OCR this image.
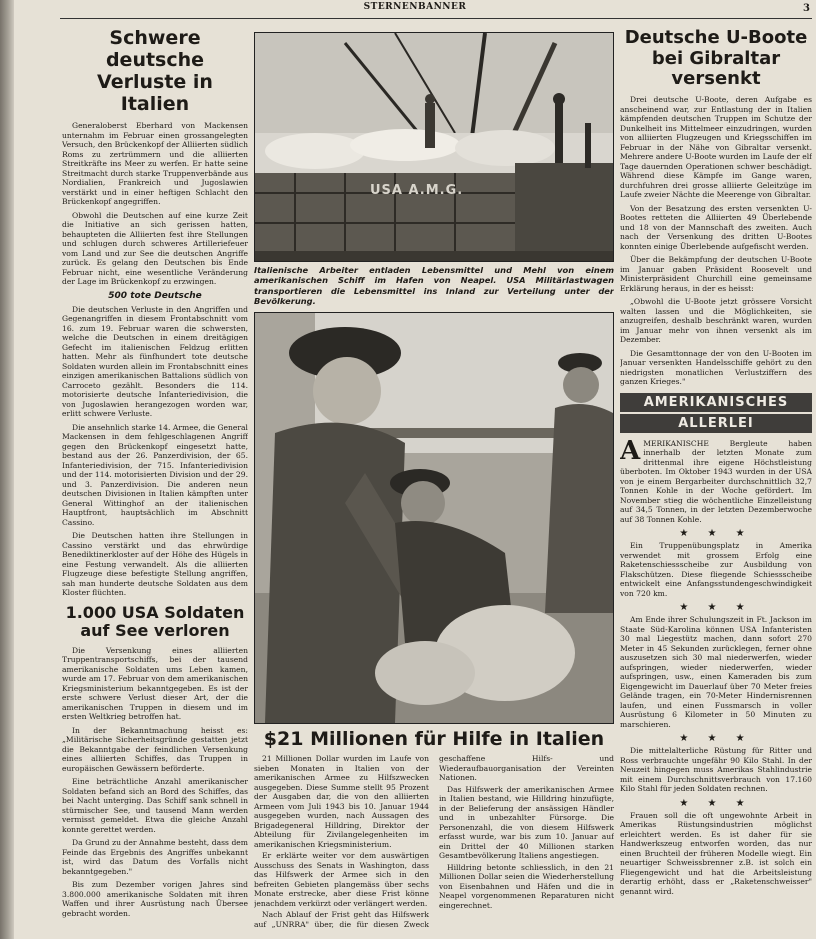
STERNENBANNER	3
Schwere deutsche Verluste in Italien

Generaloberst Eberhard von Mackensen unternahm im Februar einen grossangelegten Versuch, den Brückenkopf der Alliierten südlich Roms zu zertrümmern und die alliierten Streitkräfte ins Meer zu werfen. Er hatte seine Streitmacht durch starke Truppenverbände aus Nordialien, Frankreich und Jugoslawien verstärkt und in einer heftigen Schlacht den Brückenkopf angegriffen.

Obwohl die Deutschen auf eine kurze Zeit die Initiative an sich gerissen hatten, behaupteten die Alliierten fest ihre Stellungen und schlugen durch schweres Artilleriefeuer vom Land und zur See die deutschen Angriffe zurück. Es gelang den Deutschen bis Ende Februar nicht, eine wesentliche Veränderung der Lage im Brückenkopf zu erzwingen.

500 tote Deutsche

Die deutschen Verluste in den Angriffen und Gegenangriffen in diesem Frontabschnitt vom 16. zum 19. Februar waren die schwersten, welche die Deutschen in einem dreitägigen Gefecht im italienischen Feldzug erlitten hatten. Mehr als fünfhundert tote deutsche Soldaten wurden allein im Frontabschnitt eines einzigen amerikanischen Battalions südlich von Carroceto gezählt. Besonders die 114. motorisierte deutsche Infanteriedivision, die von Jugoslawien herangezogen worden war, erlitt schwere Verluste.

Die ansehnlich starke 14. Armee, die General Mackensen in dem fehlgeschlagenen Angriff gegen den Brückenkopf eingesetzt hatte, bestand aus der 26. Panzerdivision, der 65. Infanteriedivision, der 715. Infanteriedivision und der 114. motorisierten Division und der 29. und 3. Panzerdivision. Die anderen neun deutschen Divisionen in Italien kämpften unter General Wittinghof an der italienischen Hauptfront, hauptsächlich im Abschnitt Cassino.

Die Deutschen hatten ihre Stellungen in Cassino verstärkt und das ehrwürdige Benediktinerkloster auf der Höhe des Hügels in eine Festung verwandelt. Als die alliierten Flugzeuge diese befestigte Stellung angriffen, sah man hunderte deutsche Soldaten aus dem Kloster flüchten.

1.000 USA Soldaten auf See verloren

Die Versenkung eines alliierten Truppentransportschiffs, bei der tausend amerikanische Soldaten ums Leben kamen, wurde am 17. Februar von dem amerikanischen Kriegsministerium bekanntgegeben. Es ist der erste schwere Verlust dieser Art, der die amerikanischen Truppen in diesem und im ersten Weltkrieg betroffen hat.

In der Bekanntmachung heisst es: „Militärische Sicherheitsgründe gestatten jetzt die Bekanntgabe der feindlichen Versenkung eines alliierten Schiffes, das Truppen in europäischen Gewässern beförderte.

Eine beträchtliche Anzahl amerikanischer Soldaten befand sich an Bord des Schiffes, das bei Nacht unterging. Das Schiff sank schnell in stürmischer See, und tausend Mann werden vermisst gemeldet. Etwa die gleiche Anzahl konnte gerettet werden.

Da Grund zu der Annahme besteht, dass dem Feinde das Ergebnis des Angriffes unbekannt ist, wird das Datum des Vorfalls nicht bekanntgegeben."

Bis zum Dezember vorigen Jahres sind 3.800.000 amerikanische Soldaten mit ihren Waffen und ihrer Ausrüstung nach Übersee gebracht worden.

USA A.M.G.

Italienische Arbeiter entladen Lebensmittel und Mehl von einem amerikanischen Schiff im Hafen von Neapel. USA Militärlastwagen transportieren die Lebensmittel ins Inland zur Verteilung unter der Bevölkerung.

$21 Millionen für Hilfe in Italien

21 Millionen Dollar wurden im Laufe von sieben Monaten in Italien von der amerikanischen Armee zu Hilfszwecken ausgegeben. Diese Summe stellt 95 Prozent der Ausgaben dar, die von den alliierten Armeen vom Juli 1943 bis 10. Januar 1944 ausgegeben wurden, nach Aussagen des Brigadegeneral Hilldring, Direktor der Abteilung für Zivilangelegenheiten im amerikanischen Kriegsministerium.

Er erklärte weiter vor dem auswärtigen Ausschuss des Senats in Washington, dass das Hilfswerk der Armee sich in den befreiten Gebieten plangemäss über sechs Monate erstrecke, aber diese Frist könne jenachdem verkürzt oder verlängert werden.

Nach Ablauf der Frist geht das Hilfswerk auf „UNRRA" über, die für diesen Zweck geschaffene Hilfs- und Wiederaufbauorganisation der Vereinten Nationen.

Das Hilfswerk der amerikanischen Armee in Italien bestand, wie Hilldring hinzufügte, in der Belieferung der ansässigen Händler und in unbezahlter Fürsorge. Die Personenzahl, die von diesem Hilfswerk erfasst wurde, war bis zum 10. Januar auf ein Drittel der 40 Millionen starken Gesamtbevölkerung Italiens angestiegen.

Hilldring betonte schliesslich, in den 21 Millionen Dollar seien die Wiederherstellung von Eisenbahnen und Häfen und die in Neapel vorgenommenen Reparaturen nicht eingerechnet.

Deutsche U-Boote bei Gibraltar versenkt

Drei deutsche U-Boote, deren Aufgabe es anscheinend war, zur Entlastung der in Italien kämpfenden deutschen Truppen im Schutze der Dunkelheit ins Mittelmeer einzudringen, wurden von alliierten Flugzeugen und Kriegsschiffen im Februar in der Nähe von Gibraltar versenkt. Mehrere andere U-Boote wurden im Laufe der elf Tage dauernden Operationen schwer beschädigt. Während diese Kämpfe im Gange waren, durchfuhren drei grosse alliierte Geleitzüge im Laufe zweier Nächte die Meerenge von Gibraltar.

Von der Besatzung des ersten versenkten U-Bootes retteten die Alliierten 49 Überlebende und 18 von der Mannschaft des zweiten. Auch nach der Versenkung des dritten U-Bootes konnten einige Überlebende aufgefischt werden.

Über die Bekämpfung der deutschen U-Boote im Januar gaben Präsident Roosevelt und Ministerpräsident Churchill eine gemeinsame Erklärung heraus, in der es heisst:

„Obwohl die U-Boote jetzt grössere Vorsicht walten lassen und die Möglichkeiten, sie anzugreifen, deshalb beschränkt waren, wurden im Januar mehr von ihnen versenkt als im Dezember.

Die Gesamttonnage der von den U-Booten im Januar versenkten Handelsschiffe gehört zu den niedrigsten monatlichen Verlustziffern des ganzen Krieges."

AMERIKANISCHES
ALLERLEI

AMERIKANISCHE Bergleute haben innerhalb der letzten Monate zum drittenmal ihre eigene Höchstleistung überboten. Im Oktober 1943 wurden in der USA von je einem Bergarbeiter durchschnittlich 32,7 Tonnen Kohle in der Woche gefördert. Im November stieg die wöchentliche Einzelleistung auf 34,5 Tonnen, in der letzten Dezemberwoche auf 38 Tonnen Kohle.

★ ★ ★

Ein Truppenübungsplatz in Amerika verwendet mit grossem Erfolg eine Raketenschiessscheibe zur Ausbildung von Flakschützen. Diese fliegende Schiessscheibe entwickelt eine Anfangsstundengeschwindigkeit von 720 km.

★ ★ ★

Am Ende ihrer Schulungszeit in Ft. Jackson im Staate Süd-Karolina können USA Infanteristen 30 mal Liegestütz machen, dann sofort 270 Meter in 45 Sekunden zurücklegen, ferner ohne auszusetzen sich 30 mal niederwerfen, wieder aufspringen, wieder niederwerfen, wieder aufspringen, usw., einen Kameraden bis zum Eigengewicht im Dauerlauf über 70 Meter freies Gelände tragen, ein 70-Meter Hindernisrennen laufen, und einen Fussmarsch in voller Ausrüstung 6 Kilometer in 50 Minuten zu marschieren.

★ ★ ★

Die mittelalterliche Rüstung für Ritter und Ross verbrauchte ungefähr 90 Kilo Stahl. In der Neuzeit hingegen muss Amerikas Stahlindustrie mit einem Durchschnittsverbrauch von 17.160 Kilo Stahl für jeden Soldaten rechnen.

★ ★ ★

Frauen soll die oft ungewohnte Arbeit in Amerikas Rüstungsindustrien möglichst erleichtert werden. Es ist daher für sie Handwerkszeug entworfen worden, das nur einen Bruchteil der früheren Modelle wiegt. Ein neuartiger Schweissbrenner z.B. ist solch ein Fliegengewicht und hat die Arbeitsleistung derartig erhöht, dass er „Raketenschweisser" genannt wird.
